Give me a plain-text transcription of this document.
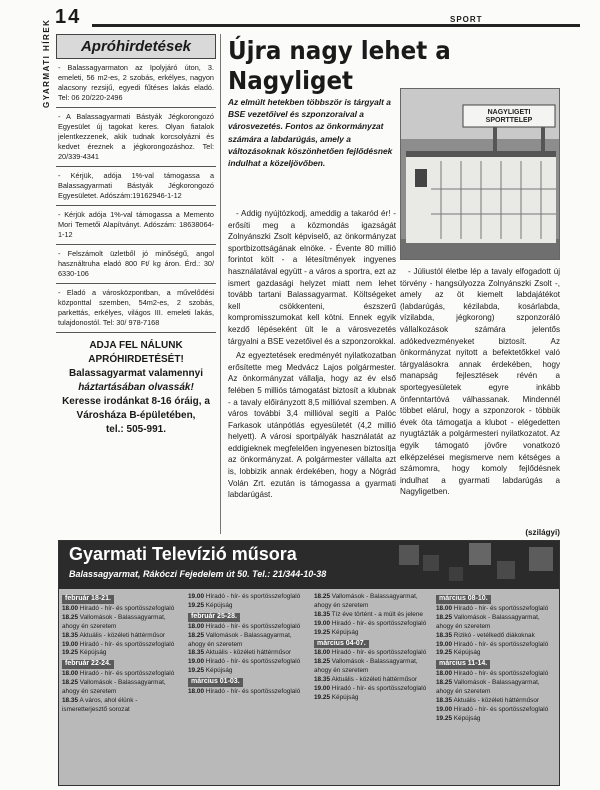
14	SPORT
GYARMATI HÍREK	Apróhirdetések
- Balassagyarmaton az Ipolyjáró úton, 3. emeleti, 56 m2-es, 2 szobás, erkélyes, nagyon alacsony rezsijű, egyedi fűtéses lakás eladó. Tel: 06 20/220-2496
- A Balassagyarmati Bástyák Jégkorongozó Egyesület új tagokat keres. Olyan fiatalok jelentkezzenek, akik tudnak korcsolyázni és kedvet éreznek a jégkorongozáshoz. Tel: 20/339-4341
- Kérjük, adója 1%-val támogassa a Balassagyarmati Bástyák Jégkorongozó Egyesületet. Adószám:19162946-1-12
- Kérjük adója 1%-val támogassa a Memento Mori Temetői Alapítványt. Adószám: 18638064-1-12
- Felszámolt üzletből jó minőségű, angol használtruha eladó 800 Ft/ kg áron. Érd.: 30/ 6330-106
- Eladó a városközpontban, a művelődési központtal szemben, 54m2-es, 2 szobás, parkettás, erkélyes, világos III. emeleti lakás, tulajdonostól. Tel: 30/ 978-7168
ADJA FEL NÁLUNK APRÓHIRDETÉSÉT!
Balassagyarmat valamennyi
háztartásában olvassák!
Keresse irodánkat 8-16 óráig, a Városháza B-épületében,
tel.: 505-991.
Újra nagy lehet a Nagyliget
Az elmúlt hetekben többször is tárgyalt a BSE vezetőivel és szponzoraival a városvezetés. Fontos az önkormányzat számára a labdarúgás, amely a változásoknak köszönhetően fejlődésnek indulhat a közeljövőben.
NAGYLIGETI SPORTTELEP

- Addig nyújtózkodj, ameddig a takaród ér! - erősíti meg a közmondás igazságát Zolnyánszki Zsolt képviselő, az önkormányzat sportbizottságának elnöke. - Évente 80 millió forintot költ - a létesítmények ingyenes használatával együtt - a város a sportra, ezt az ismert gazdasági helyzet miatt nem lehet tovább tartani Balassagyarmat. Költségeket kell csökkenteni, észszerű kompromisszumokat kell kötni. Ennek egyik kezdő lépéseként ült le a városvezetés tárgyalni a BSE vezetőivel és a szponzorokkal.

Az egyeztetések eredményét nyilatkozatban erősítette meg Medvácz Lajos polgármester. Az önkormányzat vállalja, hogy az év első felében 5 milliós támogatást biztosít a klubnak - a tavaly előirányzott 8,5 millióval szemben. A város további 3,4 millióval segíti a Palóc Farkasok utánpótlás egyesületét (4,2 millió helyett). A városi sportpályák használatát az eddigieknek megfelelően ingyenesen biztosítja az önkormányzat. A polgármester vállalta azt is, lobbizik annak érdekében, hogy a Nógrád Volán Zrt. ezután is támogassa a gyarmati labdarúgást.

- Júliustól életbe lép a tavaly elfogadott új törvény - hangsúlyozza Zolnyánszki Zsolt -, amely az öt kiemelt labdajátékot (labdarúgás, kézilabda, kosárlabda, vízilabda, jégkorong) szponzoráló vállalkozások számára jelentős adókedvezményeket biztosít. Az önkormányzat nyitott a befektetőkkel való tárgyalásokra annak érdekében, hogy manapság fejlesztések révén a sportegyesületek egyre inkább önfenntartóvá válhassanak. Mindennél többet elárul, hogy a szponzorok - többük évek óta támogatja a klubot - elégedetten nyugtázták a polgármesteri nyilatkozatot. Az egyik támogató jövőre vonatkozó elképzelései megismerve nem kétséges a számomra, hogy komoly fejlődésnek indulhat a gyarmati labdarúgás a Nagyligetben.

(szilágyi)
Gyarmati Televízió műsora
Balassagyarmat, Rákóczi Fejedelem út 50. Tel.: 21/344-10-38
február 18-21.
18.00 Híradó - hír- és sportösszefoglaló
18.25 Vallomások - Balassagyarmat, ahogy én szeretem
18.35 Aktuális - közéleti háttérműsor
19.00 Híradó - hír- és sportösszefoglaló
19.25 Képújság
február 22-24.
18.00 Híradó - hír- és sportösszefoglaló
18.25 Vallomások - Balassagyarmat, ahogy én szeretem
18.35 A város, ahol élünk - ismeretterjesztő sorozat
19.00 Híradó - hír- és sportösszefoglaló
19.25 Képújság
február 25-28.
18.00 Híradó - hír- és sportösszefoglaló
18.25 Vallomások - Balassagyarmat, ahogy én szeretem
18.35 Aktuális - közéleti háttérműsor
19.00 Híradó - hír- és sportösszefoglaló
19.25 Képújság
március 01-03.
18.00 Híradó - hír- és sportösszefoglaló
18.25 Vallomások - Balassagyarmat, ahogy én szeretem
18.35 Tíz éve történt - a múlt és jelene
19.00 Híradó - hír- és sportösszefoglaló
19.25 Képújság
március 04-07.
18.00 Híradó - hír- és sportösszefoglaló
18.25 Vallomások - Balassagyarmat, ahogy én szeretem
18.35 Aktuális - közéleti háttérműsor
19.00 Híradó - hír- és sportösszefoglaló
19.25 Képújság
március 08-10.
18.00 Híradó - hír- és sportösszefoglaló
18.25 Vallomások - Balassagyarmat, ahogy én szeretem
18.35 Rizikó - vetélkedő diákoknak
19.00 Híradó - hír- és sportösszefoglaló
19.25 Képújság
március 11-14.
18.00 Híradó - hír- és sportösszefoglaló
18.25 Vallomások - Balassagyarmat, ahogy én szeretem
18.35 Aktuális - közéleti háttérműsor
19.00 Híradó - hír- és sportösszefoglaló
19.25 Képújság
